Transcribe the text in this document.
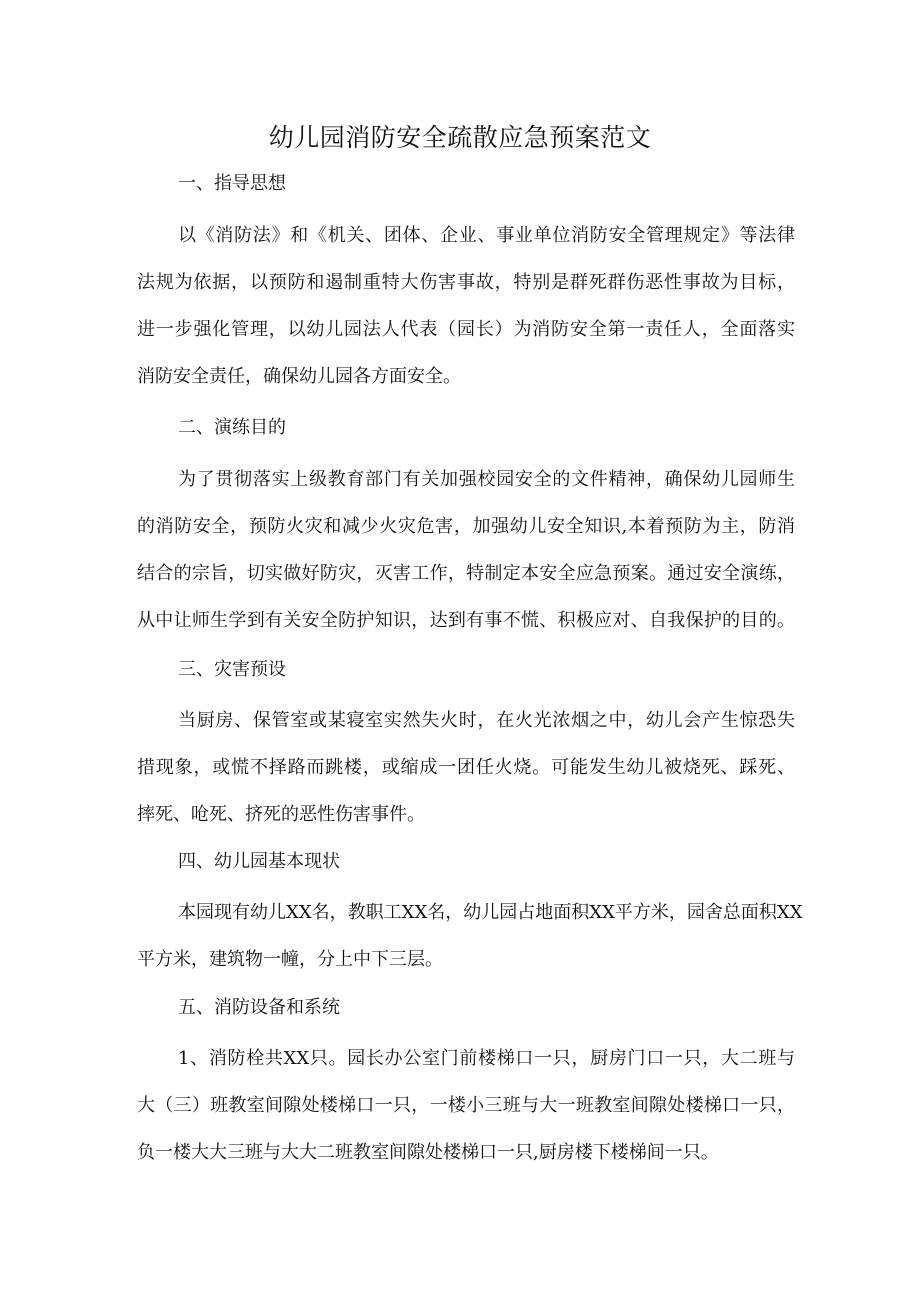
幼儿园消防安全疏散应急预案范文
一、指导思想
以《消防法》和《机关、团体、企业、事业单位消防安全管理规定》等法律
法规为依据，以预防和遏制重特大伤害事故，特别是群死群伤恶性事故为目标，
进一步强化管理，以幼儿园法人代表（园长）为消防安全第一责任人，全面落实
消防安全责任，确保幼儿园各方面安全。
二、演练目的
为了贯彻落实上级教育部门有关加强校园安全的文件精神，确保幼儿园师生
的消防安全，预防火灾和减少火灾危害，加强幼儿安全知识,本着预防为主，防消
结合的宗旨，切实做好防灾，灭害工作，特制定本安全应急预案。通过安全演练，
从中让师生学到有关安全防护知识，达到有事不慌、积极应对、自我保护的目的。
三、灾害预设
当厨房、保管室或某寝室实然失火时，在火光浓烟之中，幼儿会产生惊恐失
措现象，或慌不择路而跳楼，或缩成一团任火烧。可能发生幼儿被烧死、踩死、
摔死、呛死、挤死的恶性伤害事件。
四、幼儿园基本现状
本园现有幼儿XX名，教职工XX名，幼儿园占地面积XX平方米，园舍总面积XX
平方米，建筑物一幢，分上中下三层。
五、消防设备和系统
1、消防栓共XX只。园长办公室门前楼梯口一只，厨房门口一只，大二班与
大（三）班教室间隙处楼梯口一只，一楼小三班与大一班教室间隙处楼梯口一只，
负一楼大大三班与大大二班教室间隙处楼梯口一只,厨房楼下楼梯间一只。
